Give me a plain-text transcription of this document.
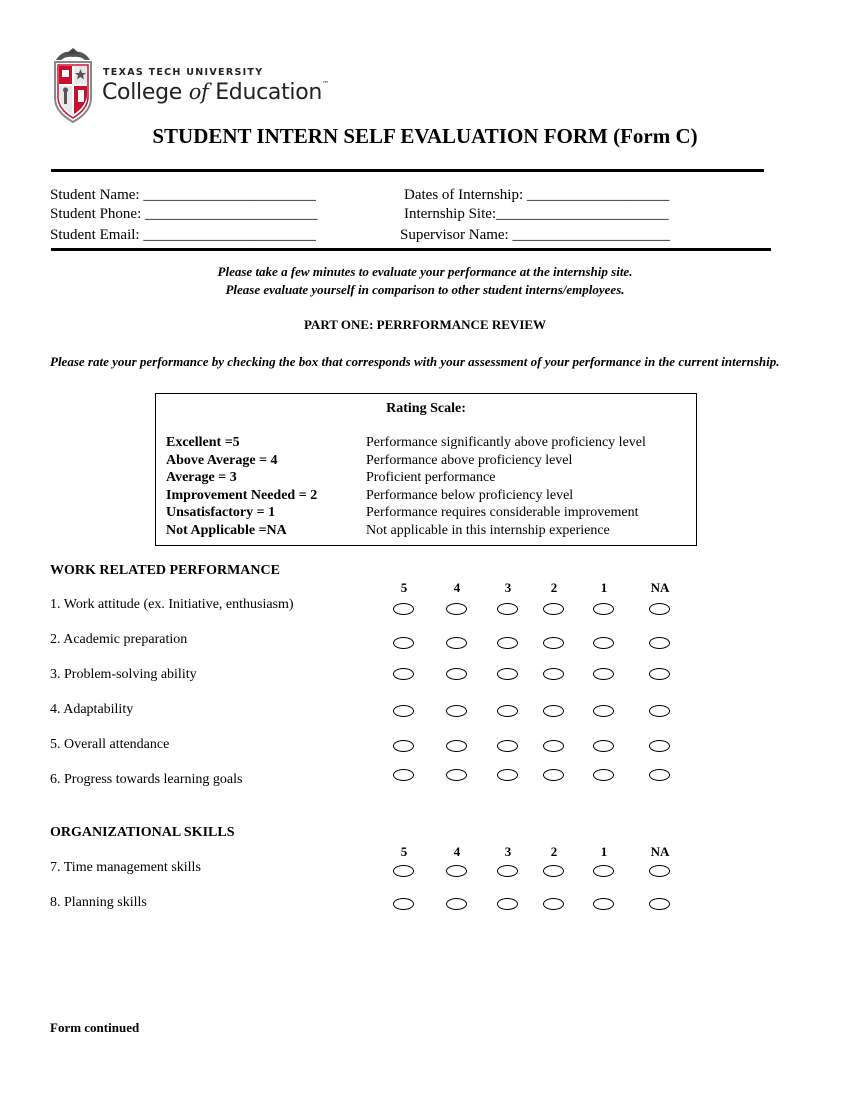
TEXAS TECH UNIVERSITY
College of Education™
STUDENT INTERN SELF EVALUATION FORM (Form C)
Student Name: _______________________
Student Phone: _______________________
Student Email: _______________________
Dates of Internship: ___________________
Internship Site:_______________________
Supervisor Name: _____________________
Please take a few minutes to evaluate your performance at the internship site.
Please evaluate yourself in comparison to other student interns/employees.
PART ONE: PERRFORMANCE REVIEW
Please rate your performance by checking the box that corresponds with your assessment of your performance in the current internship.
Rating Scale:
Excellent =5	Performance significantly above proficiency level
Above Average = 4	Performance above proficiency level
Average = 3	Proficient performance
Improvement Needed = 2	Performance below proficiency level
Unsatisfactory = 1	Performance requires considerable improvement
Not Applicable =NA	Not applicable in this internship experience
WORK RELATED PERFORMANCE
5	4	3	2	1	NA
1. Work attitude (ex. Initiative, enthusiasm)
2. Academic preparation
3. Problem-solving ability
4. Adaptability
5. Overall attendance
6. Progress towards learning goals
ORGANIZATIONAL SKILLS
5	4	3	2	1	NA
7. Time management skills
8. Planning skills
Form continued
